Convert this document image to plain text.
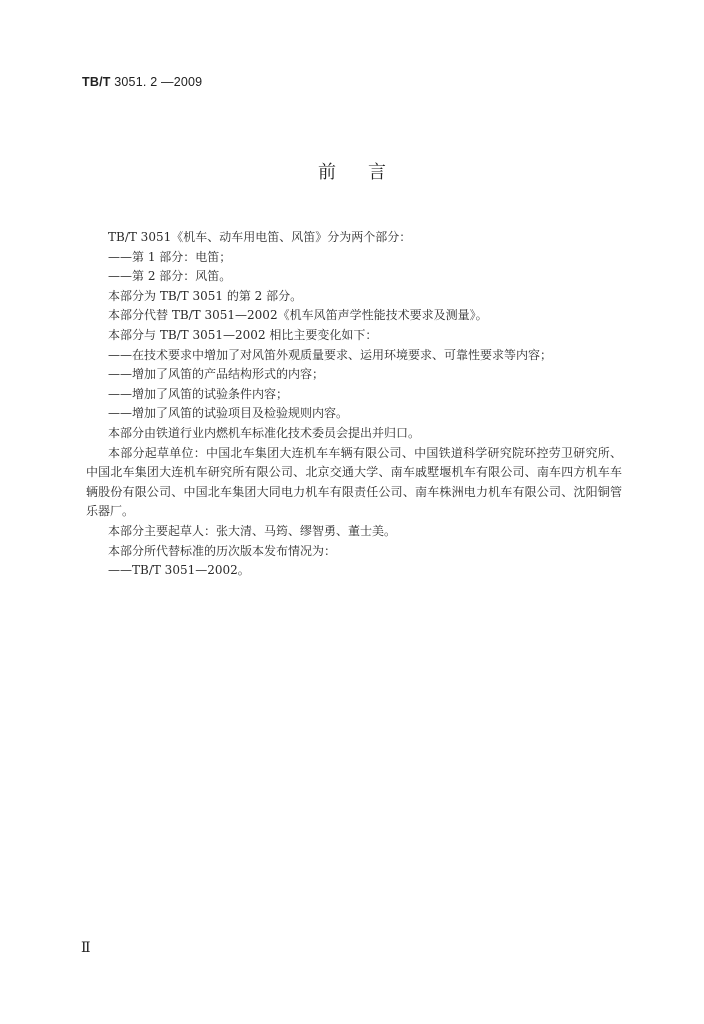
TB/T 3051. 2 —2009
前言

TB/T 3051《机车、动车用电笛、风笛》分为两个部分：

——第 1 部分：电笛；

——第 2 部分：风笛。

本部分为 TB/T 3051 的第 2 部分。

本部分代替 TB/T 3051—2002《机车风笛声学性能技术要求及测量》。

本部分与 TB/T 3051—2002 相比主要变化如下：

——在技术要求中增加了对风笛外观质量要求、运用环境要求、可靠性要求等内容；

——增加了风笛的产品结构形式的内容；

——增加了风笛的试验条件内容；

——增加了风笛的试验项目及检验规则内容。

本部分由铁道行业内燃机车标准化技术委员会提出并归口。

本部分起草单位：中国北车集团大连机车车辆有限公司、中国铁道科学研究院环控劳卫研究所、中国北车集团大连机车研究所有限公司、北京交通大学、南车戚墅堰机车有限公司、南车四方机车车辆股份有限公司、中国北车集团大同电力机车有限责任公司、南车株洲电力机车有限公司、沈阳铜管乐器厂。

本部分主要起草人：张大清、马筠、缪智勇、董士美。

本部分所代替标准的历次版本发布情况为：

——TB/T 3051—2002。

Ⅱ
